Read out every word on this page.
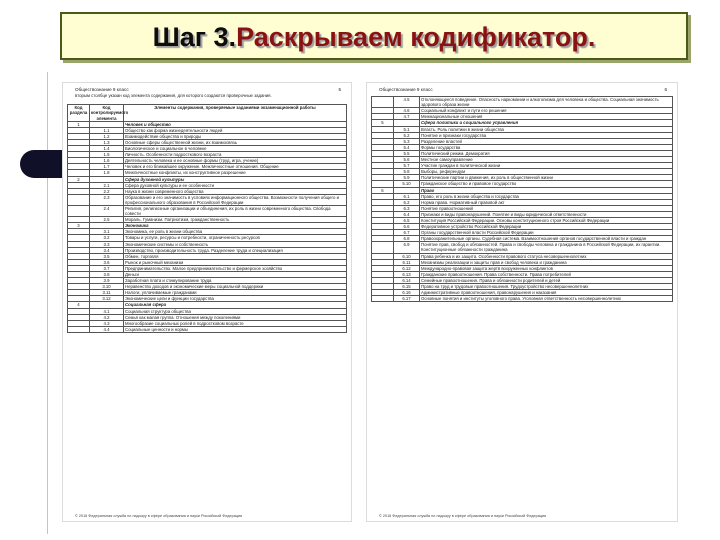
Шаг 3.Раскрываем кодификатор.
Обществознание 9 класс	5
вторым столбце указан код элемента содержания, для которого создаются проверочные задания.
Код раздела	Код контролируемого элемента	Элементы содержания, проверяемые заданиями экзаменационной работы
1		Человек и общество
	1.1	Общество как форма жизнедеятельности людей
	1.2	Взаимодействие общества и природы
	1.3	Основные сферы общественной жизни, их взаимосвязь
	1.4	Биологическое и социальное в человеке
	1.5	Личность. Особенности подросткового возраста
	1.6	Деятельность человека и ее основные формы (труд, игра, учение)
	1.7	Человек и его ближайшее окружение. Межличностные отношения. Общение
	1.8	Межличностные конфликты, их конструктивное разрешение
2		Сфера духовной культуры
	2.1	Сфера духовной культуры и ее особенности
	2.2	Наука в жизни современного общества
	2.3	Образование и его значимость в условиях информационного общества. Возможности получения общего и профессионального образования в Российской Федерации
	2.4	Религия, религиозные организации и объединения, их роль в жизни современного общества. Свобода совести
	2.5	Мораль. Гуманизм. Патриотизм, гражданственность
3		Экономика
	3.1	Экономика, ее роль в жизни общества
	3.2	Товары и услуги, ресурсы и потребности, ограниченность ресурсов
	3.3	Экономические системы и собственность
	3.4	Производство, производительность труда. Разделение труда и специализация
	3.5	Обмен, торговля
	3.6	Рынок и рыночный механизм
	3.7	Предпринимательство. Малое предпринимательство и фермерское хозяйство
	3.8	Деньги
	3.9	Заработная плата и стимулирование труда
	3.10	Неравенство доходов и экономические меры социальной поддержки
	3.11	Налоги, уплачиваемые гражданами
	3.12	Экономические цели и функции государства
4		Социальная сфера
	4.1	Социальная структура общества
	4.2	Семья как малая группа. Отношения между поколениями
	4.3	Многообразие социальных ролей в подростковом возрасте
	4.4	Социальные ценности и нормы
© 2016 Федеральная служба по надзору в сфере образования и науки Российской Федерации
Обществознание 9 класс	6
	4.5	Отклоняющееся поведение. Опасность наркомании и алкоголизма для человека и общества. Социальная значимость здорового образа жизни
	4.6	Социальный конфликт и пути его решения
	4.7	Межнациональные отношения
5		Сфера политики и социального управления
	5.1	Власть. Роль политики в жизни общества
	5.2	Понятие и признаки государства
	5.3	Разделение властей
	5.4	Формы государства
	5.5	Политический режим. Демократия
	5.6	Местное самоуправление
	5.7	Участие граждан в политической жизни
	5.8	Выборы, референдум
	5.9	Политические партии и движения, их роль в общественной жизни
	5.10	Гражданское общество и правовое государство
6		Право
	6.1	Право, его роль в жизни общества и государства
	6.2	Норма права. Нормативный правовой акт
	6.3	Понятие правоотношений
	6.4	Признаки и виды правонарушений. Понятие и виды юридической ответственности
	6.5	Конституция Российской Федерации. Основы конституционного строя Российской Федерации
	6.6	Федеративное устройство Российской Федерации
	6.7	Органы государственной власти Российской Федерации
	6.8	Правоохранительные органы. Судебная система. Взаимоотношения органов государственной власти и граждан
	6.9	Понятие прав, свобод и обязанностей. Права и свободы человека и гражданина в Российской Федерации, их гарантии. Конституционные обязанности гражданина
	6.10	Права ребенка и их защита. Особенности правового статуса несовершеннолетних
	6.11	Механизмы реализации и защиты прав и свобод человека и гражданина
	6.12	Международно-правовая защита жертв вооруженных конфликтов
	6.13	Гражданские правоотношения. Права собственности. Права потребителей
	6.14	Семейные правоотношения. Права и обязанности родителей и детей
	6.15	Право на труд и трудовые правоотношения. Трудоустройство несовершеннолетних
	6.16	Административные правоотношения, правонарушения и наказания
	6.17	Основные понятия и институты уголовного права. Уголовная ответственность несовершеннолетних
© 2016 Федеральная служба по надзору в сфере образования и науки Российской Федерации
